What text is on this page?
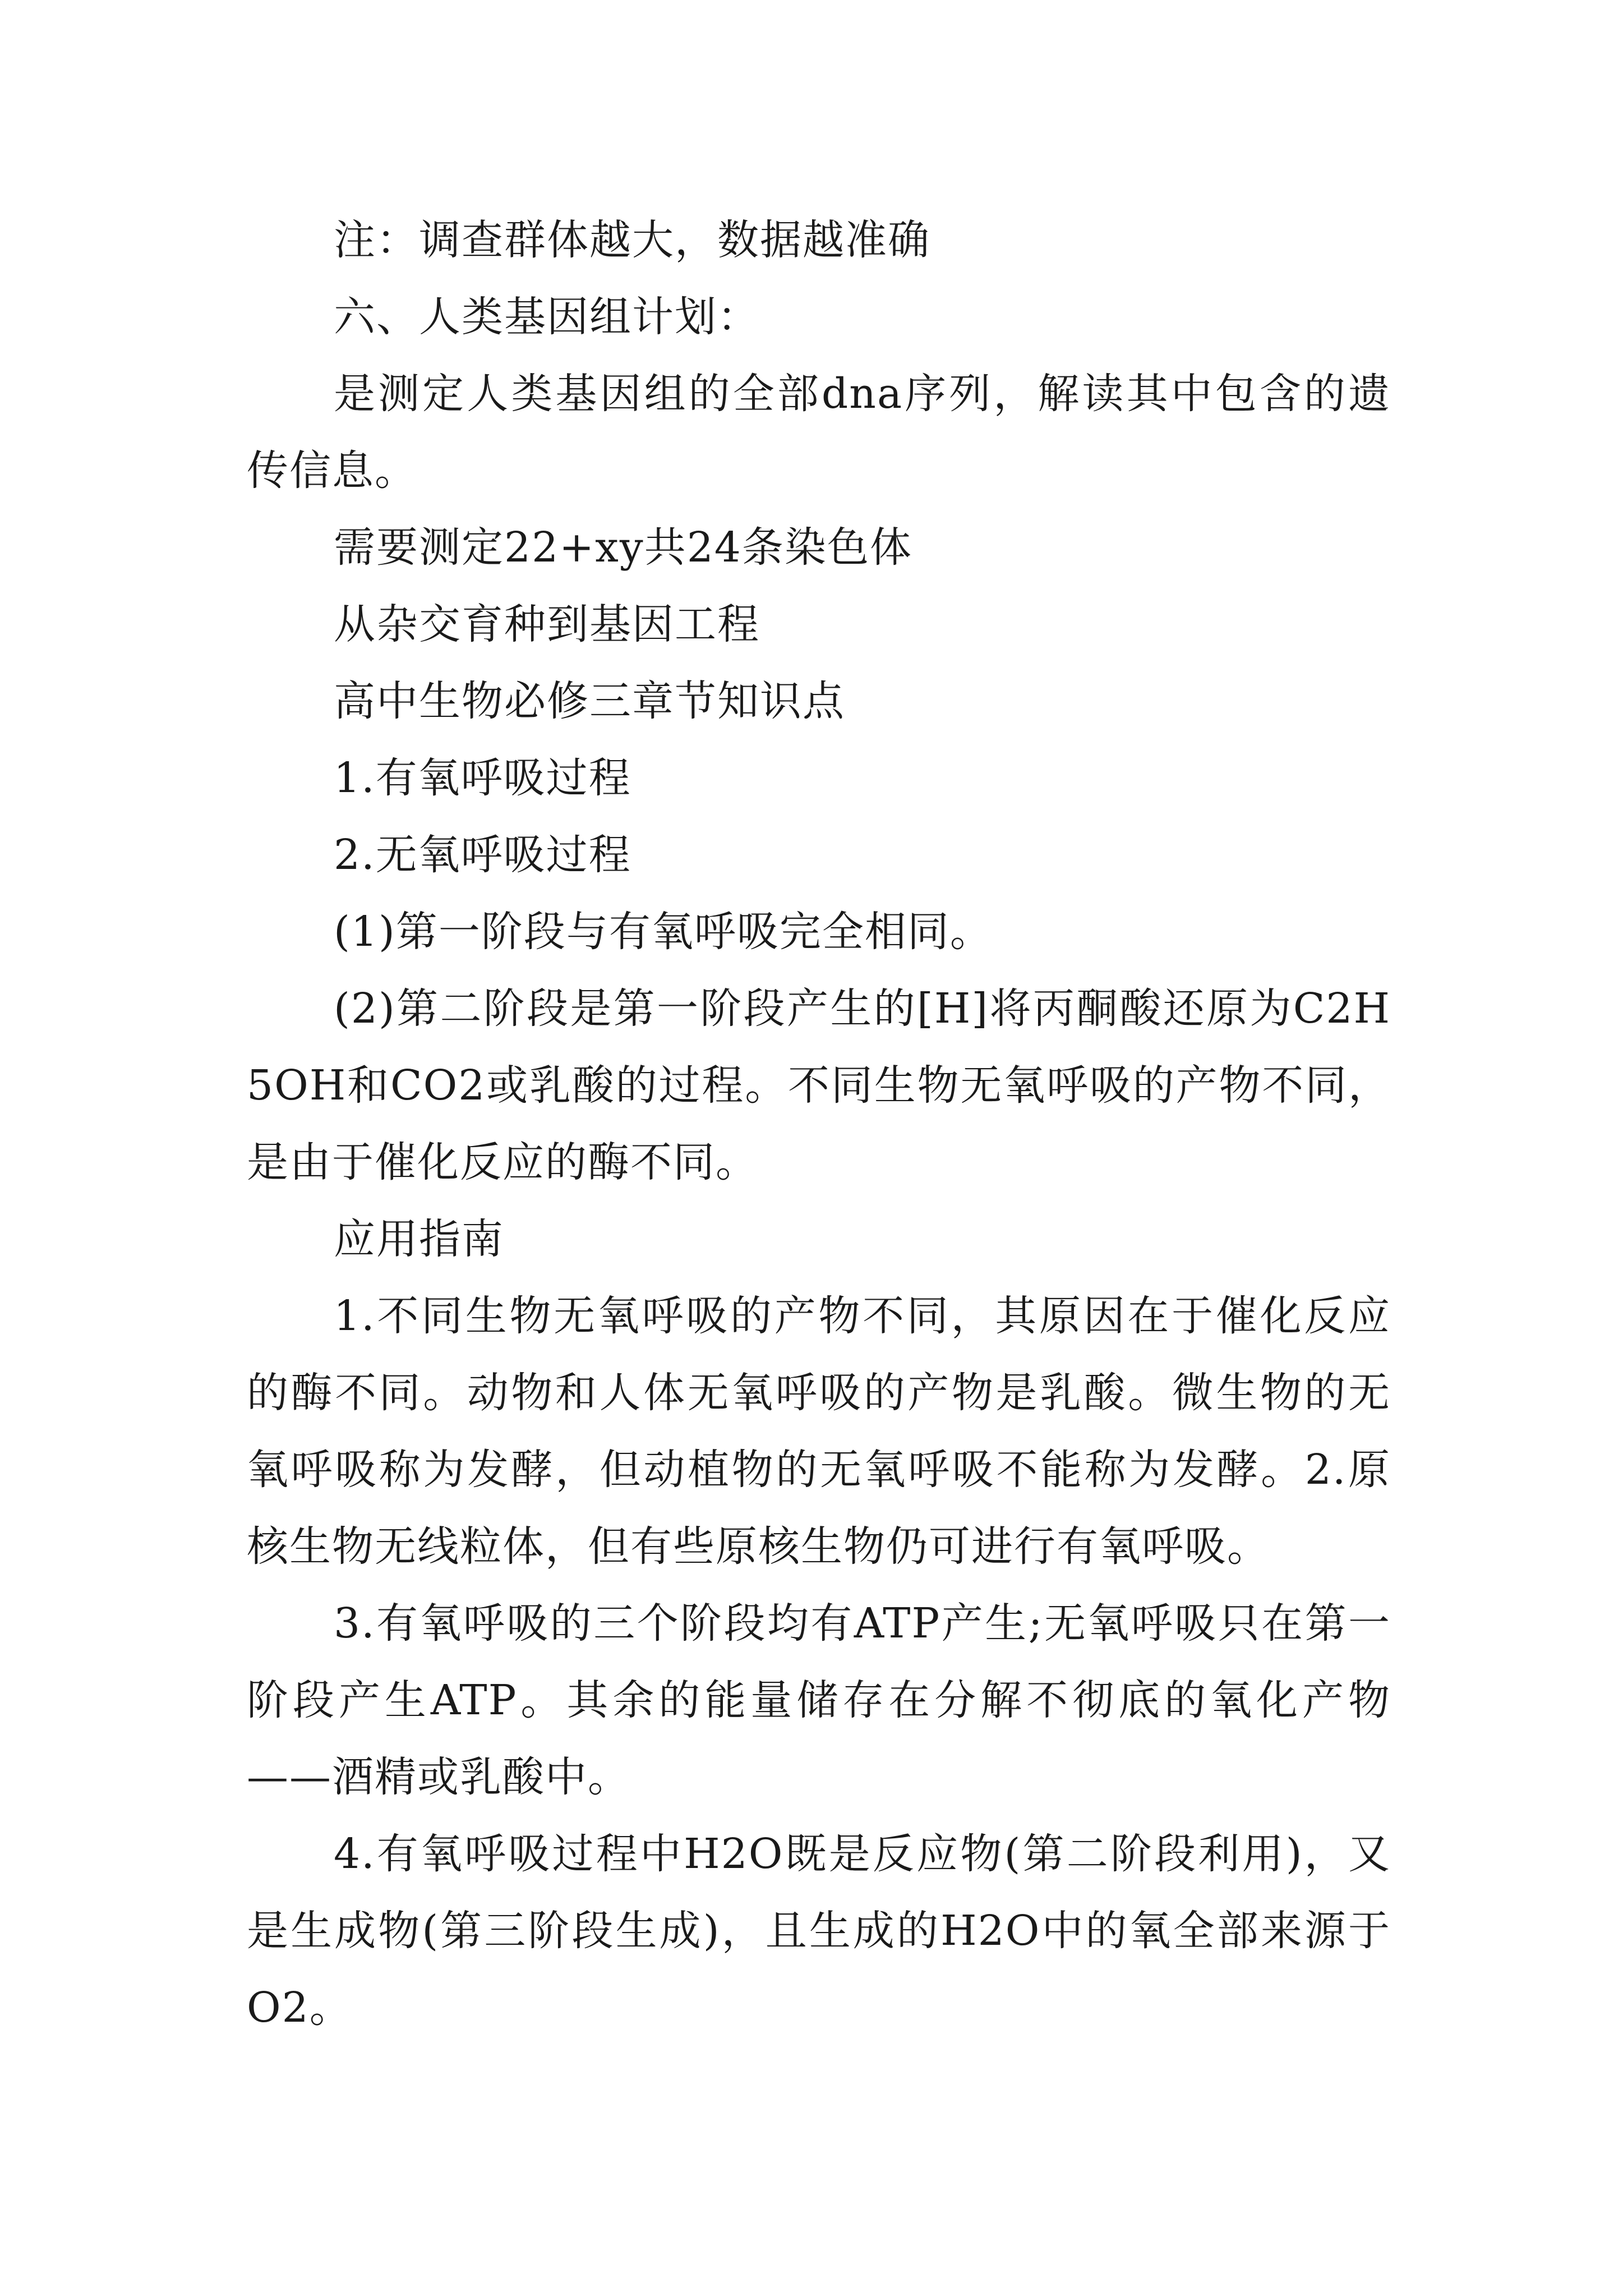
注：调查群体越大，数据越准确

六、人类基因组计划：

是测定人类基因组的全部dna序列，解读其中包含的遗传信息。

需要测定22+xy共24条染色体

从杂交育种到基因工程

高中生物必修三章节知识点

1.有氧呼吸过程

2.无氧呼吸过程

(1)第一阶段与有氧呼吸完全相同。

(2)第二阶段是第一阶段产生的[H]将丙酮酸还原为C2H5OH和CO2或乳酸的过程。不同生物无氧呼吸的产物不同，是由于催化反应的酶不同。

应用指南

1.不同生物无氧呼吸的产物不同，其原因在于催化反应的酶不同。动物和人体无氧呼吸的产物是乳酸。微生物的无氧呼吸称为发酵，但动植物的无氧呼吸不能称为发酵。2.原核生物无线粒体，但有些原核生物仍可进行有氧呼吸。

3.有氧呼吸的三个阶段均有ATP产生;无氧呼吸只在第一阶段产生ATP。其余的能量储存在分解不彻底的氧化产物——酒精或乳酸中。

4.有氧呼吸过程中H2O既是反应物(第二阶段利用)，又是生成物(第三阶段生成)，且生成的H2O中的氧全部来源于O2。
